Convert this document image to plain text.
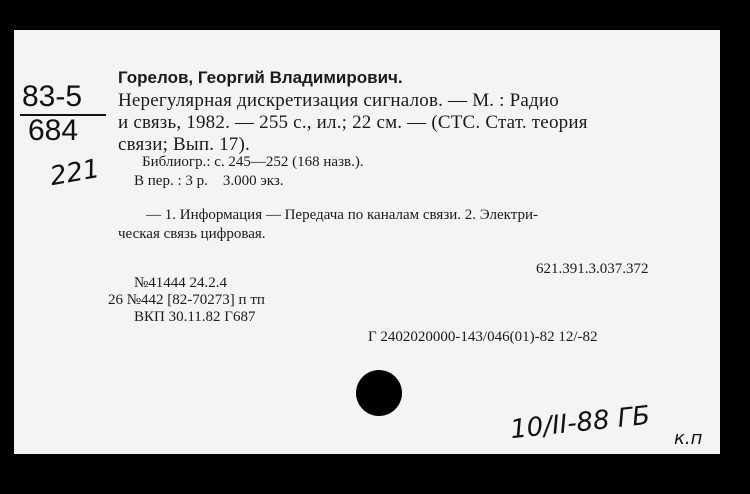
83-5
684
221
Горелов, Георгий Владимирович.
Нерегулярная дискретизация сигналов. — М. : Радио
и связь, 1982. — 255 с., ил.; 22 см. — (СТС. Стат. теория
связи; Вып. 17).
Библиогр.: с. 245—252 (168 назв.).
В пер. : 3 р.    3.000 экз.
— 1. Информация — Передача по каналам связи. 2. Электри-
ческая связь цифровая.
621.391.3.037.372
№41444 24.2.4
26 №442 [82-70273] п тп
ВКП 30.11.82 Г687
Г 2402020000-143/046(01)-82 12/-82
10/II-88 ГБ к.п
